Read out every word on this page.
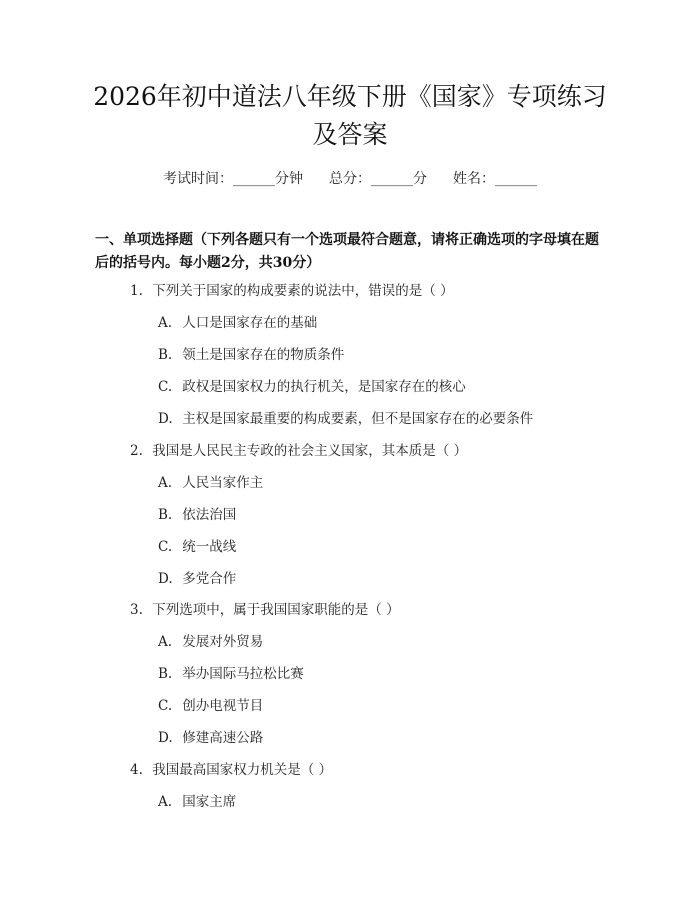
2026年初中道法八年级下册《国家》专项练习及答案
考试时间：______分钟 总分：______分 姓名：______
一、单项选择题（下列各题只有一个选项最符合题意，请将正确选项的字母填在题后的括号内。每小题2分，共30分）
1. 下列关于国家的构成要素的说法中，错误的是（ ）
A. 人口是国家存在的基础
B. 领土是国家存在的物质条件
C. 政权是国家权力的执行机关，是国家存在的核心
D. 主权是国家最重要的构成要素，但不是国家存在的必要条件
2. 我国是人民民主专政的社会主义国家，其本质是（ ）
A. 人民当家作主
B. 依法治国
C. 统一战线
D. 多党合作
3. 下列选项中，属于我国国家职能的是（ ）
A. 发展对外贸易
B. 举办国际马拉松比赛
C. 创办电视节目
D. 修建高速公路
4. 我国最高国家权力机关是（ ）
A. 国家主席
